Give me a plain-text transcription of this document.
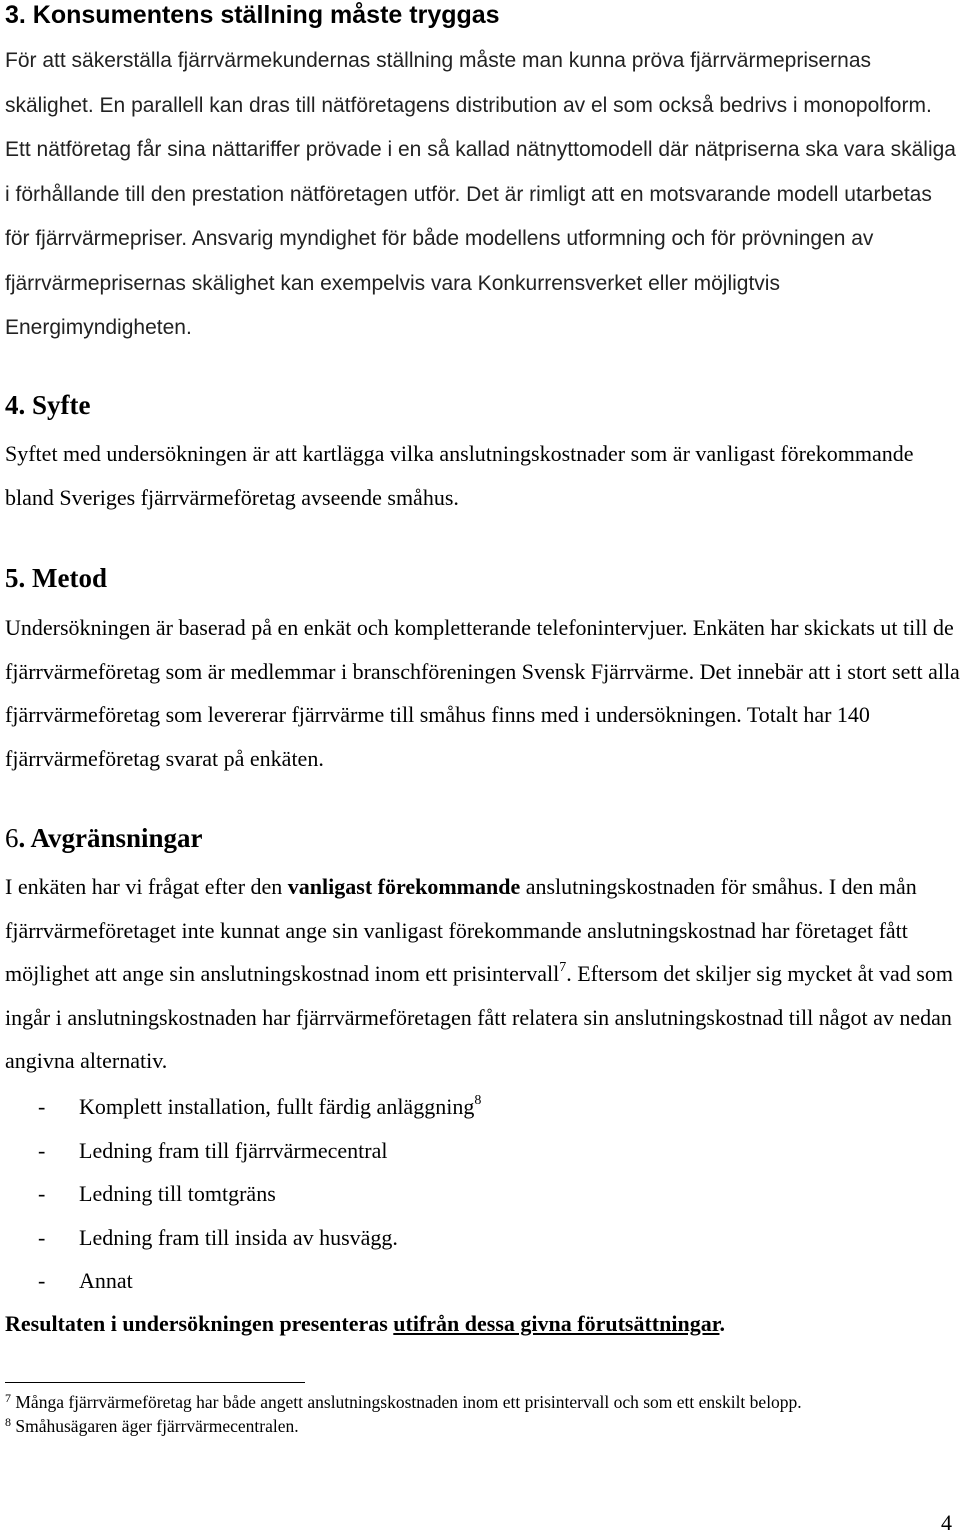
3. Konsumentens ställning måste tryggas

För att säkerställa fjärrvärmekundernas ställning måste man kunna pröva fjärrvärmeprisernas skälighet. En parallell kan dras till nätföretagens distribution av el som också bedrivs i monopolform. Ett nätföretag får sina nättariffer prövade i en så kallad nätnyttomodell där nätpriserna ska vara skäliga i förhållande till den prestation nätföretagen utför. Det är rimligt att en motsvarande modell utarbetas för fjärrvärmepriser. Ansvarig myndighet för både modellens utformning och för prövningen av fjärrvärmeprisernas skälighet kan exempelvis vara Konkurrensverket eller möjligtvis Energimyndigheten.

4. Syfte

Syftet med undersökningen är att kartlägga vilka anslutningskostnader som är vanligast förekommande bland Sveriges fjärrvärmeföretag avseende småhus.

5. Metod

Undersökningen är baserad på en enkät och kompletterande telefonintervjuer. Enkäten har skickats ut till de fjärrvärmeföretag som är medlemmar i branschföreningen Svensk Fjärrvärme. Det innebär att i stort sett alla fjärrvärmeföretag som levererar fjärrvärme till småhus finns med i undersökningen. Totalt har 140 fjärrvärmeföretag svarat på enkäten.

6. Avgränsningar

I enkäten har vi frågat efter den vanligast förekommande anslutningskostnaden för småhus. I den mån fjärrvärmeföretaget inte kunnat ange sin vanligast förekommande anslutningskostnad har företaget fått möjlighet att ange sin anslutningskostnad inom ett prisintervall$^7$. Eftersom det skiljer sig mycket åt vad som ingår i anslutningskostnaden har fjärrvärmeföretagen fått relatera sin anslutningskostnad till något av nedan angivna alternativ.

- Komplett installation, fullt färdig anläggning$^8$
- Ledning fram till fjärrvärmecentral
- Ledning till tomtgräns
- Ledning fram till insida av husvägg.
- Annat

Resultaten i undersökningen presenteras utifrån dessa givna förutsättningar.

$^7$ Många fjärrvärmeföretag har både angett anslutningskostnaden inom ett prisintervall och som ett enskilt belopp.

$^8$ Småhusägaren äger fjärrvärmecentralen.

4
